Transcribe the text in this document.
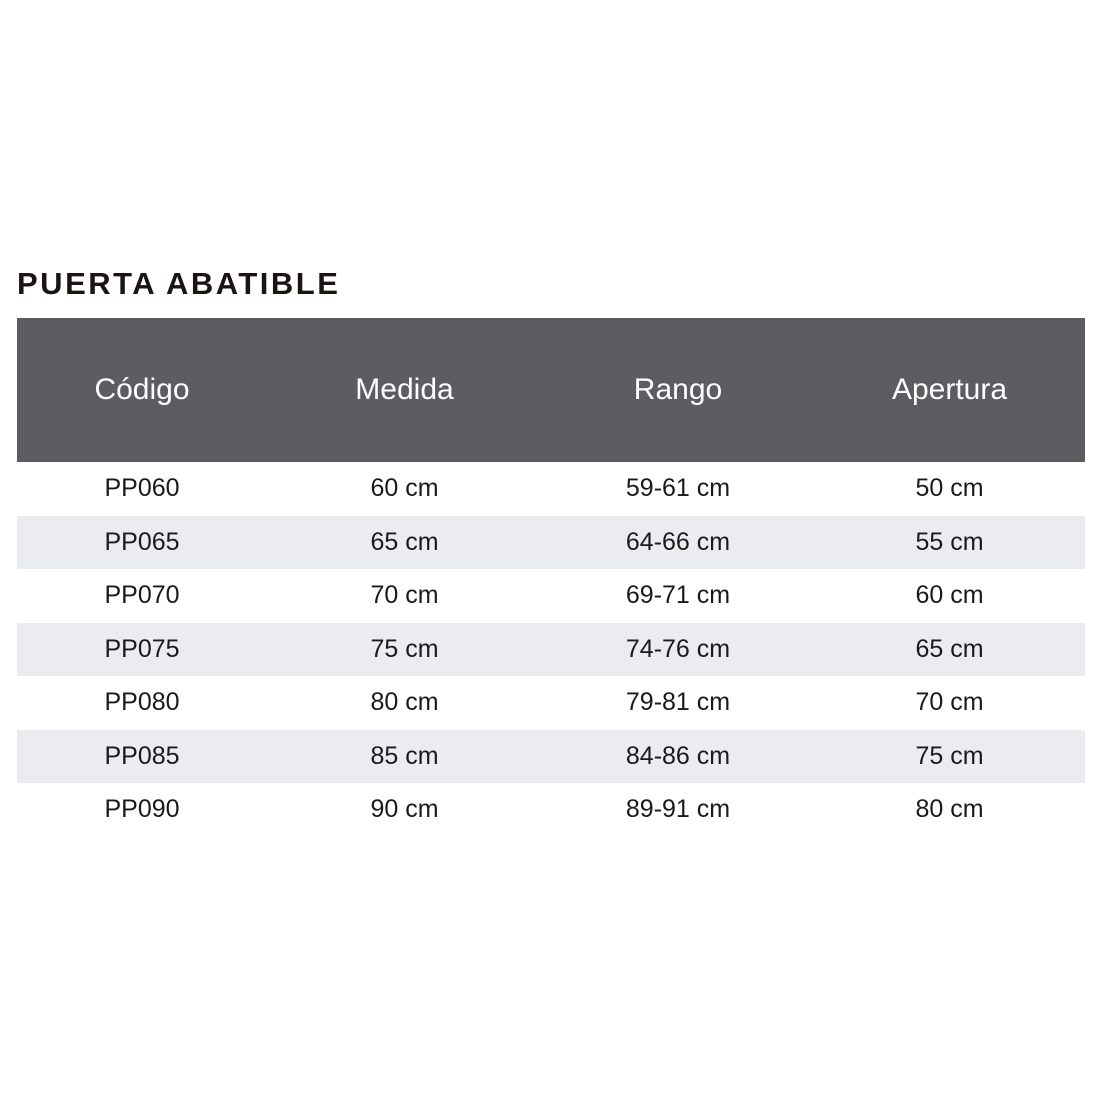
PUERTA ABATIBLE
Código	Medida	Rango	Apertura
PP060	60 cm	59-61 cm	50 cm
PP065	65 cm	64-66 cm	55 cm
PP070	70 cm	69-71 cm	60 cm
PP075	75 cm	74-76 cm	65 cm
PP080	80 cm	79-81 cm	70 cm
PP085	85 cm	84-86 cm	75 cm
PP090	90 cm	89-91 cm	80 cm
